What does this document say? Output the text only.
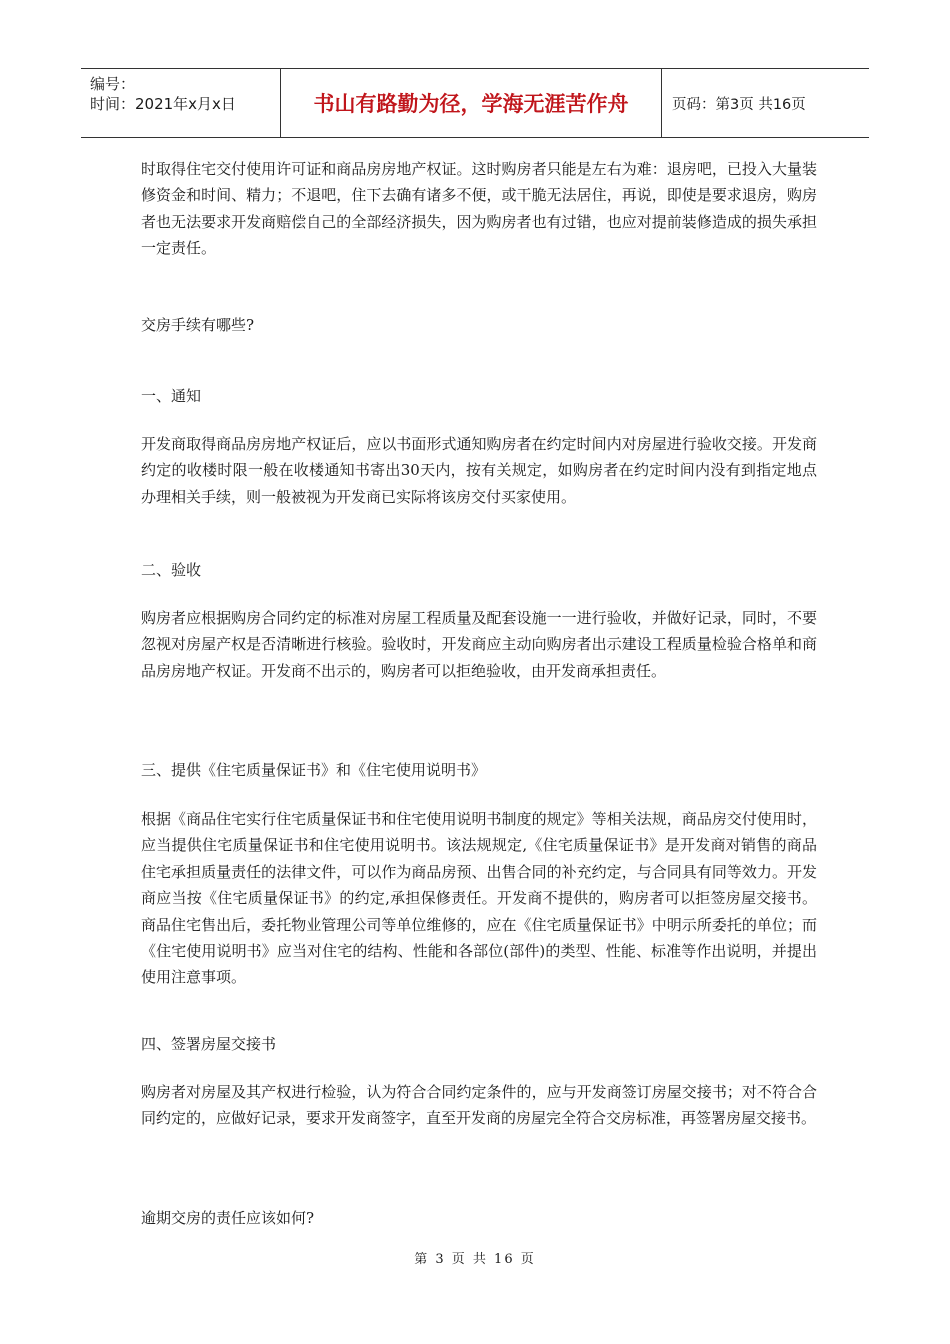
编号：
时间：2021年x月x日	书山有路勤为径，学海无涯苦作舟	页码：第3页 共16页

时取得住宅交付使用许可证和商品房房地产权证。这时购房者只能是左右为难：退房吧，已投入大量装修资金和时间、精力；不退吧，住下去确有诸多不便，或干脆无法居住，再说，即使是要求退房，购房者也无法要求开发商赔偿自己的全部经济损失，因为购房者也有过错，也应对提前装修造成的损失承担一定责任。

交房手续有哪些?

一、通知

开发商取得商品房房地产权证后，应以书面形式通知购房者在约定时间内对房屋进行验收交接。开发商约定的收楼时限一般在收楼通知书寄出30天内，按有关规定，如购房者在约定时间内没有到指定地点办理相关手续，则一般被视为开发商已实际将该房交付买家使用。

二、验收

购房者应根据购房合同约定的标准对房屋工程质量及配套设施一一进行验收，并做好记录，同时，不要忽视对房屋产权是否清晰进行核验。验收时，开发商应主动向购房者出示建设工程质量检验合格单和商品房房地产权证。开发商不出示的，购房者可以拒绝验收，由开发商承担责任。

三、提供《住宅质量保证书》和《住宅使用说明书》

根据《商品住宅实行住宅质量保证书和住宅使用说明书制度的规定》等相关法规，商品房交付使用时，应当提供住宅质量保证书和住宅使用说明书。该法规规定,《住宅质量保证书》是开发商对销售的商品住宅承担质量责任的法律文件，可以作为商品房预、出售合同的补充约定，与合同具有同等效力。开发商应当按《住宅质量保证书》的约定,承担保修责任。开发商不提供的，购房者可以拒签房屋交接书。商品住宅售出后，委托物业管理公司等单位维修的，应在《住宅质量保证书》中明示所委托的单位；而《住宅使用说明书》应当对住宅的结构、性能和各部位(部件)的类型、性能、标准等作出说明，并提出使用注意事项。

四、签署房屋交接书

购房者对房屋及其产权进行检验，认为符合合同约定条件的，应与开发商签订房屋交接书；对不符合合同约定的，应做好记录，要求开发商签字，直至开发商的房屋完全符合交房标准，再签署房屋交接书。

逾期交房的责任应该如何?

第 3 页 共 16 页
